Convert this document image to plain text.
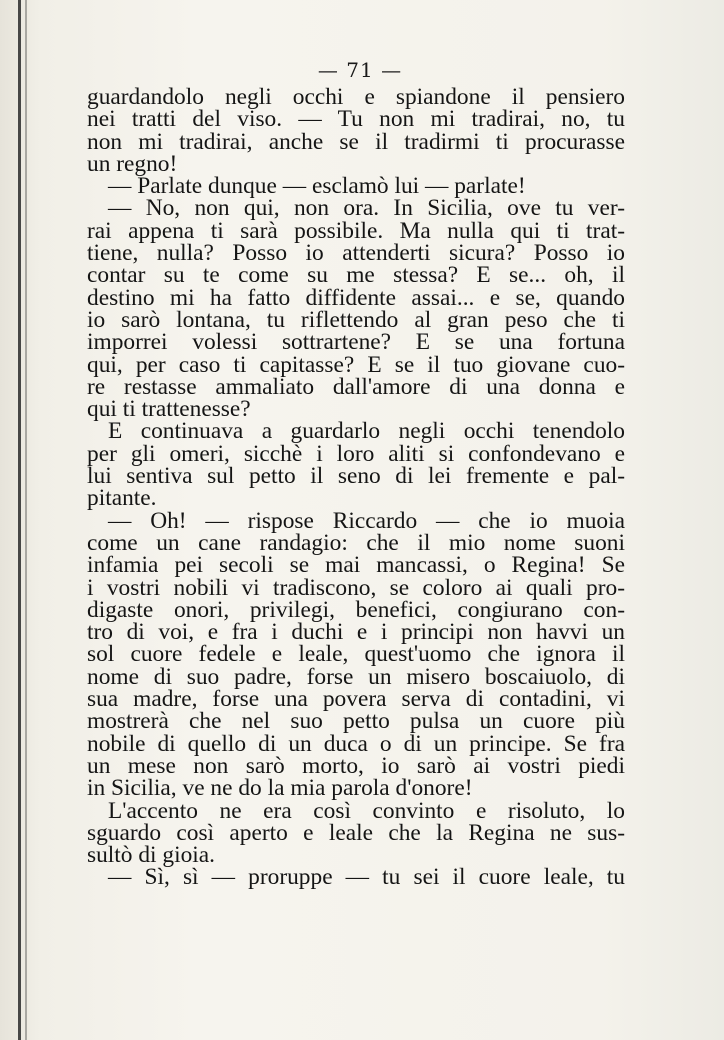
— 71 —
guardandolo negli occhi e spiandone il pensiero
nei tratti del viso. — Tu non mi tradirai, no, tu
non mi tradirai, anche se il tradirmi ti procurasse
un regno!
— Parlate dunque — esclamò lui — parlate!
— No, non qui, non ora. In Sicilia, ove tu ver-
rai appena ti sarà possibile. Ma nulla qui ti trat-
tiene, nulla? Posso io attenderti sicura? Posso io
contar su te come su me stessa? E se... oh, il
destino mi ha fatto diffidente assai... e se, quando
io sarò lontana, tu riflettendo al gran peso che ti
imporrei volessi sottrartene? E se una fortuna
qui, per caso ti capitasse? E se il tuo giovane cuo-
re restasse ammaliato dall'amore di una donna e
qui ti trattenesse?
E continuava a guardarlo negli occhi tenendolo
per gli omeri, sicchè i loro aliti si confondevano e
lui sentiva sul petto il seno di lei fremente e pal-
pitante.
— Oh! — rispose Riccardo — che io muoia
come un cane randagio: che il mio nome suoni
infamia pei secoli se mai mancassi, o Regina! Se
i vostri nobili vi tradiscono, se coloro ai quali pro-
digaste onori, privilegi, benefici, congiurano con-
tro di voi, e fra i duchi e i principi non havvi un
sol cuore fedele e leale, quest'uomo che ignora il
nome di suo padre, forse un misero boscaiuolo, di
sua madre, forse una povera serva di contadini, vi
mostrerà che nel suo petto pulsa un cuore più
nobile di quello di un duca o di un principe. Se fra
un mese non sarò morto, io sarò ai vostri piedi
in Sicilia, ve ne do la mia parola d'onore!
L'accento ne era così convinto e risoluto, lo
sguardo così aperto e leale che la Regina ne sus-
sultò di gioia.
— Sì, sì — proruppe — tu sei il cuore leale, tu
